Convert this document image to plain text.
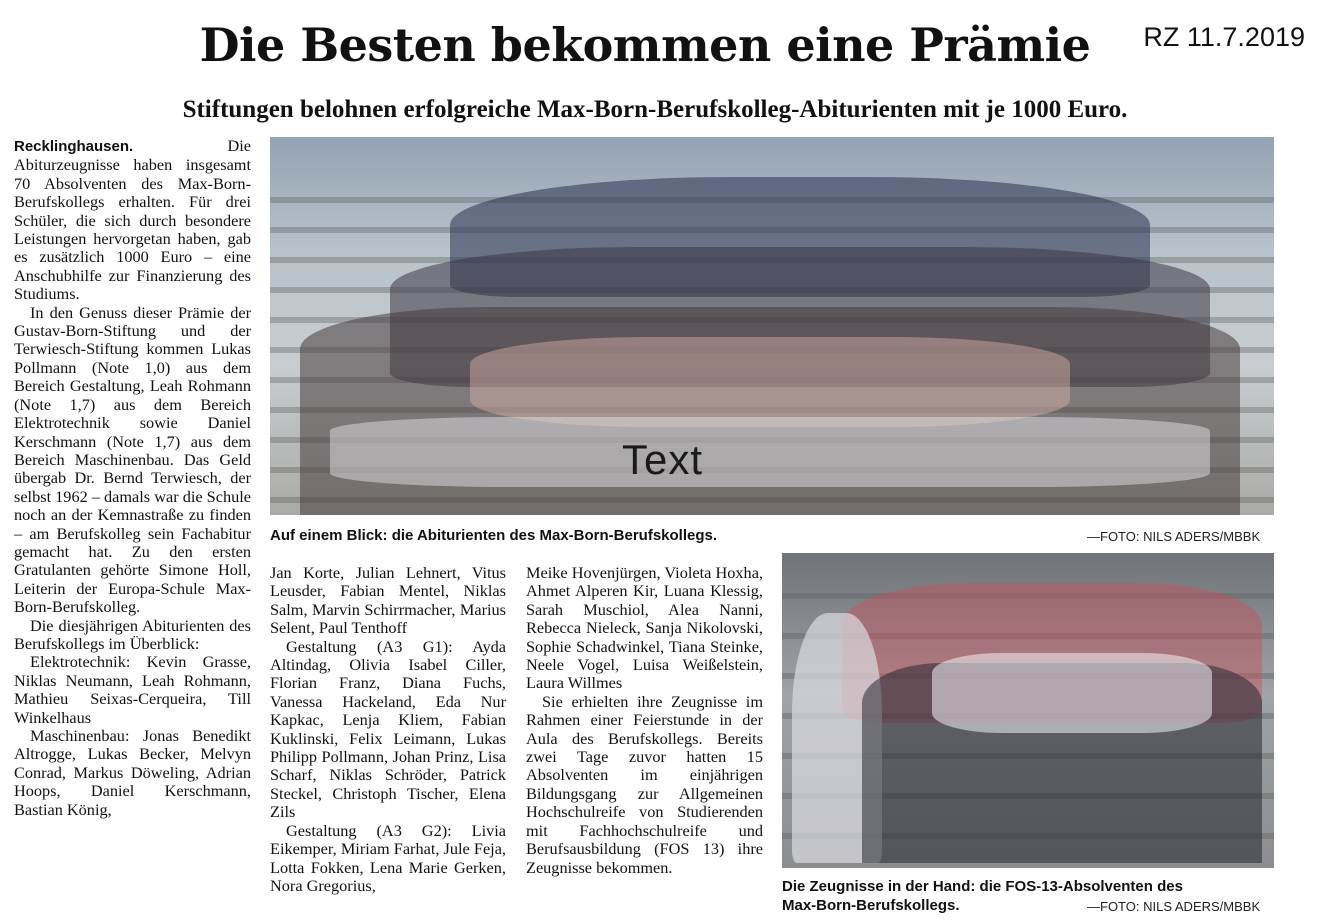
Die Besten bekommen eine Prämie	RZ 11.7.2019
Stiftungen belohnen erfolgreiche Max-Born-Berufskolleg-Abiturienten mit je 1000 Euro.

Recklinghausen.	Die Abiturzeugnisse haben insgesamt 70 Absolventen des Max-Born-Berufskollegs erhalten. Für drei Schüler, die sich durch besondere Leistungen hervorgetan haben, gab es zusätzlich 1000 Euro – eine Anschubhilfe zur Finanzierung des Studiums.

In den Genuss dieser Prämie der Gustav-Born-Stiftung und der Terwiesch-Stiftung kommen Lukas Pollmann (Note 1,0) aus dem Bereich Gestaltung, Leah Rohmann (Note 1,7) aus dem Bereich Elektrotechnik sowie Daniel Kerschmann (Note 1,7) aus dem Bereich Maschinenbau. Das Geld übergab Dr. Bernd Terwiesch, der selbst 1962 – damals war die Schule noch an der Kemnastraße zu finden – am Berufskolleg sein Fachabitur gemacht hat. Zu den ersten Gratulanten gehörte Simone Holl, Leiterin der Europa-Schule Max-Born-Berufskolleg.

Die diesjährigen Abiturienten des Berufskollegs im Überblick:

Elektrotechnik: Kevin Grasse, Niklas Neumann, Leah Rohmann, Mathieu Seixas-Cerqueira, Till Winkelhaus

Maschinenbau: Jonas Benedikt Altrogge, Lukas Becker, Melvyn Conrad, Markus Döweling, Adrian Hoops, Daniel Kerschmann, Bastian König,

Text
Auf einem Blick: die Abiturienten des Max-Born-Berufskollegs.	—FOTO: NILS ADERS/MBBK

Jan Korte, Julian Lehnert, Vitus Leusder, Fabian Mentel, Niklas Salm, Marvin Schirrmacher, Marius Selent, Paul Tenthoff

Gestaltung (A3 G1): Ayda Altindag, Olivia Isabel Ciller, Florian Franz, Diana Fuchs, Vanessa Hackeland, Eda Nur Kapkac, Lenja Kliem, Fabian Kuklinski, Felix Leimann, Lukas Philipp Pollmann, Johan Prinz, Lisa Scharf, Niklas Schröder, Patrick Steckel, Christoph Tischer, Elena Zils

Gestaltung (A3 G2): Livia Eikemper, Miriam Farhat, Jule Feja, Lotta Fokken, Lena Marie Gerken, Nora Gregorius,

Meike Hovenjürgen, Violeta Hoxha, Ahmet Alperen Kir, Luana Klessig, Sarah Muschiol, Alea Nanni, Rebecca Nieleck, Sanja Nikolovski, Sophie Schadwinkel, Tiana Steinke, Neele Vogel, Luisa Weißelstein, Laura Willmes

Sie erhielten ihre Zeugnisse im Rahmen einer Feierstunde in der Aula des Berufskollegs. Bereits zwei Tage zuvor hatten 15 Absolventen im einjährigen Bildungsgang zur Allgemeinen Hochschulreife von Studierenden mit Fachhochschulreife und Berufsausbildung (FOS 13) ihre Zeugnisse bekommen.

Die Zeugnisse in der Hand: die FOS-13-Absolventen des
Max-Born-Berufskollegs.	—FOTO: NILS ADERS/MBBK
